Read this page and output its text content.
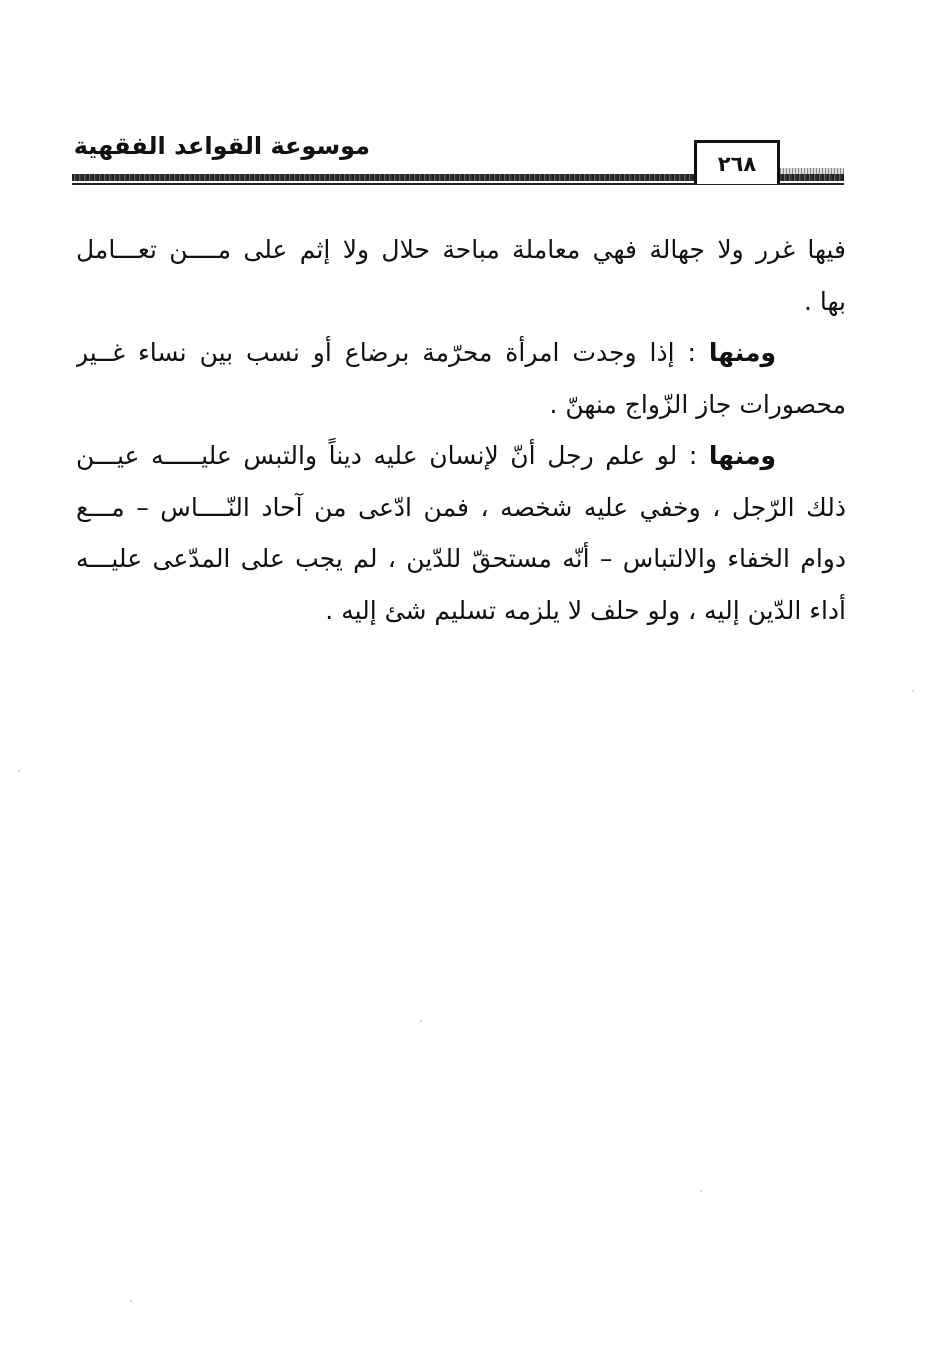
موسوعة القواعد الفقهية
٢٦٨
فيها غرر ولا جهالة فهي معاملة مباحة حلال ولا إثم على مــــن تعـــامل
بها .
ومنها : إذا وجدت امرأة محرّمة برضاع أو نسب بين نساء غــير
محصورات جاز الزّواج منهنّ .
ومنها : لو علم رجل أنّ لإنسان عليه ديناً والتبس عليـــــه عيـــن
ذلك الرّجل ، وخفي عليه شخصه ، فمن ادّعى من آحاد النّــــاس – مـــع
دوام الخفاء والالتباس – أنّه مستحقّ للدّين ، لم يجب على المدّعى عليـــه
أداء الدّين إليه ، ولو حلف لا يلزمه تسليم شئ إليه .
